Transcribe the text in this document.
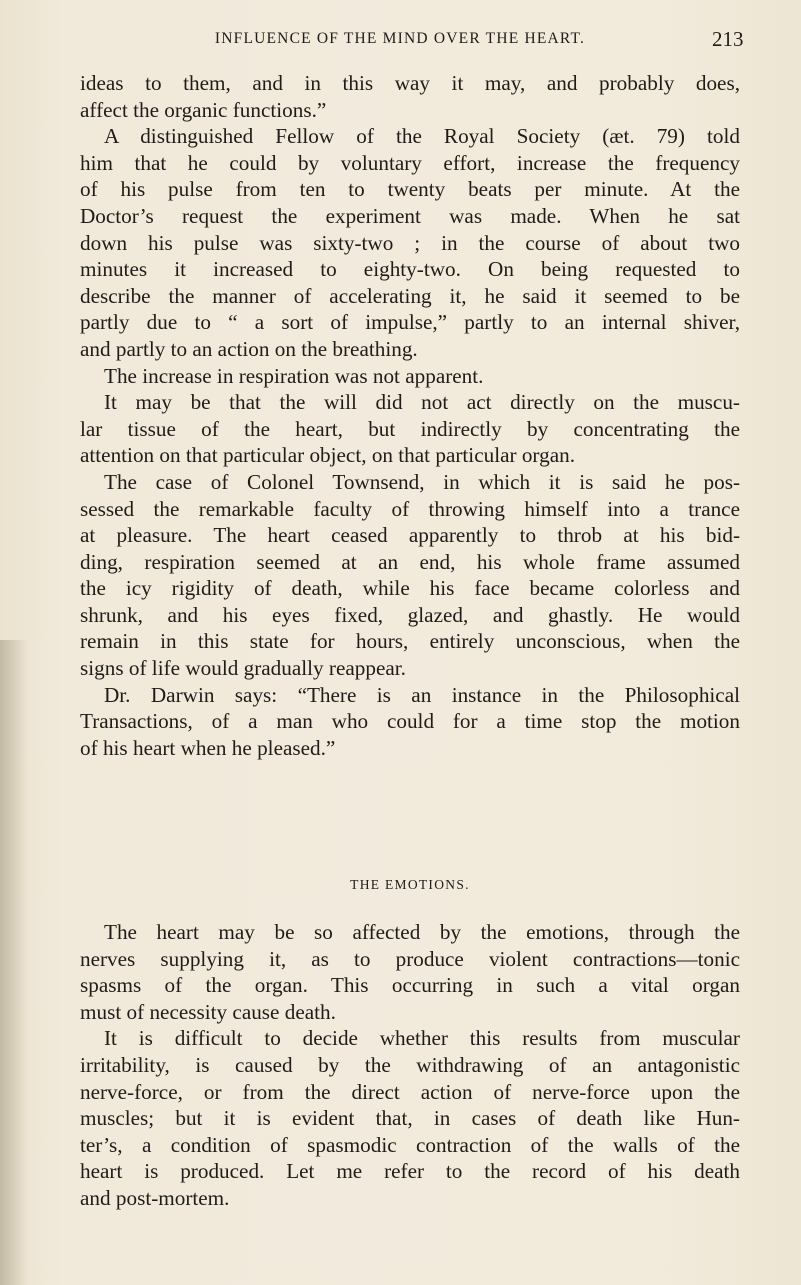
INFLUENCE OF THE MIND OVER THE HEART.	213
ideas to them, and in this way it may, and probably does,
affect the organic functions.”
A distinguished Fellow of the Royal Society (æt. 79) told
him that he could by voluntary effort, increase the frequency
of his pulse from ten to twenty beats per minute. At the
Doctor’s request the experiment was made. When he sat
down his pulse was sixty-two ; in the course of about two
minutes it increased to eighty-two. On being requested to
describe the manner of accelerating it, he said it seemed to be
partly due to “ a sort of impulse,” partly to an internal shiver,
and partly to an action on the breathing.
The increase in respiration was not apparent.
It may be that the will did not act directly on the muscu-
lar tissue of the heart, but indirectly by concentrating the
attention on that particular object, on that particular organ.
The case of Colonel Townsend, in which it is said he pos-
sessed the remarkable faculty of throwing himself into a trance
at pleasure. The heart ceased apparently to throb at his bid-
ding, respiration seemed at an end, his whole frame assumed
the icy rigidity of death, while his face became colorless and
shrunk, and his eyes fixed, glazed, and ghastly. He would
remain in this state for hours, entirely unconscious, when the
signs of life would gradually reappear.
Dr. Darwin says: “There is an instance in the Philosophical
Transactions, of a man who could for a time stop the motion
of his heart when he pleased.”
THE EMOTIONS.
The heart may be so affected by the emotions, through the
nerves supplying it, as to produce violent contractions—tonic
spasms of the organ. This occurring in such a vital organ
must of necessity cause death.
It is difficult to decide whether this results from muscular
irritability, is caused by the withdrawing of an antagonistic
nerve-force, or from the direct action of nerve-force upon the
muscles; but it is evident that, in cases of death like Hun-
ter’s, a condition of spasmodic contraction of the walls of the
heart is produced. Let me refer to the record of his death
and post-mortem.
